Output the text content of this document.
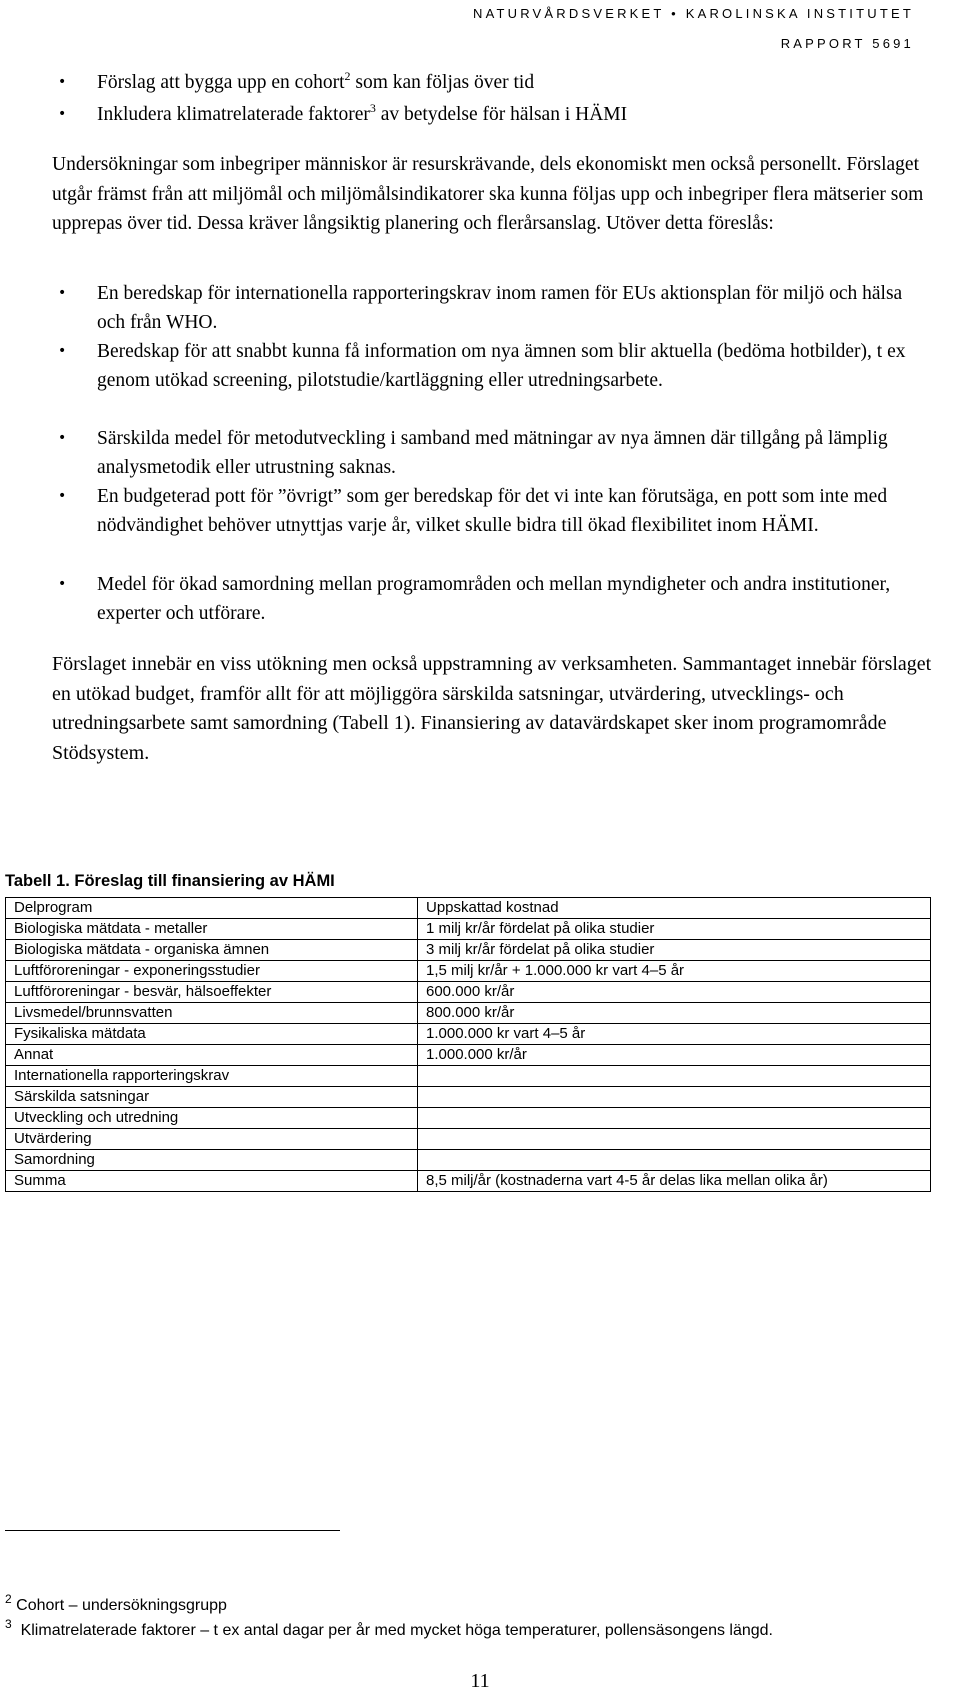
NATURVÅRDSVERKET • KAROLINSKA INSTITUTET
RAPPORT 5691
• Förslag att bygga upp en cohort$^2$ som kan följas över tid
• Inkludera klimatrelaterade faktorer$^3$ av betydelse för hälsan i HÄMI
Undersökningar som inbegriper människor är resurskrävande, dels ekonomiskt men också personellt. Förslaget utgår främst från att miljömål och miljömålsindikatorer ska kunna följas upp och inbegriper flera mätserier som upprepas över tid. Dessa kräver långsiktig planering och flerårsanslag. Utöver detta föreslås:
• En beredskap för internationella rapporteringskrav inom ramen för EUs aktionsplan för miljö och hälsa och från WHO.
• Beredskap för att snabbt kunna få information om nya ämnen som blir aktuella (bedöma hotbilder), t ex genom utökad screening, pilotstudie/kartläggning eller utredningsarbete.
• Särskilda medel för metodutveckling i samband med mätningar av nya ämnen där tillgång på lämplig analysmetodik eller utrustning saknas.
• En budgeterad pott för ”övrigt” som ger beredskap för det vi inte kan förutsäga, en pott som inte med nödvändighet behöver utnyttjas varje år, vilket skulle bidra till ökad flexibilitet inom HÄMI.
• Medel för ökad samordning mellan programområden och mellan myndigheter och andra institutioner, experter och utförare.
Förslaget innebär en viss utökning men också uppstramning av verksamheten. Sammantaget innebär förslaget en utökad budget, framför allt för att möjliggöra särskilda satsningar, utvärdering, utvecklings- och utredningsarbete samt samordning (Tabell 1). Finansiering av datavärdskapet sker inom programområde Stödsystem.
Tabell 1. Föreslag till finansiering av HÄMI
Delprogram	Uppskattad kostnad
Biologiska mätdata - metaller	1 milj kr/år fördelat på olika studier
Biologiska mätdata - organiska ämnen	3 milj kr/år fördelat på olika studier
Luftföroreningar - exponeringsstudier	1,5 milj kr/år + 1.000.000 kr vart 4–5 år
Luftföroreningar - besvär, hälsoeffekter	600.000 kr/år
Livsmedel/brunnsvatten	800.000 kr/år
Fysikaliska mätdata	1.000.000 kr vart 4–5 år
Annat	1.000.000 kr/år
Internationella rapporteringskrav	
Särskilda satsningar	
Utveckling och utredning	
Utvärdering	
Samordning	
Summa	8,5 milj/år (kostnaderna vart 4-5 år delas lika mellan olika år)
$^2$ Cohort – undersökningsgrupp
$^3$ Klimatrelaterade faktorer – t ex antal dagar per år med mycket höga temperaturer, pollensäsongens längd.
11
